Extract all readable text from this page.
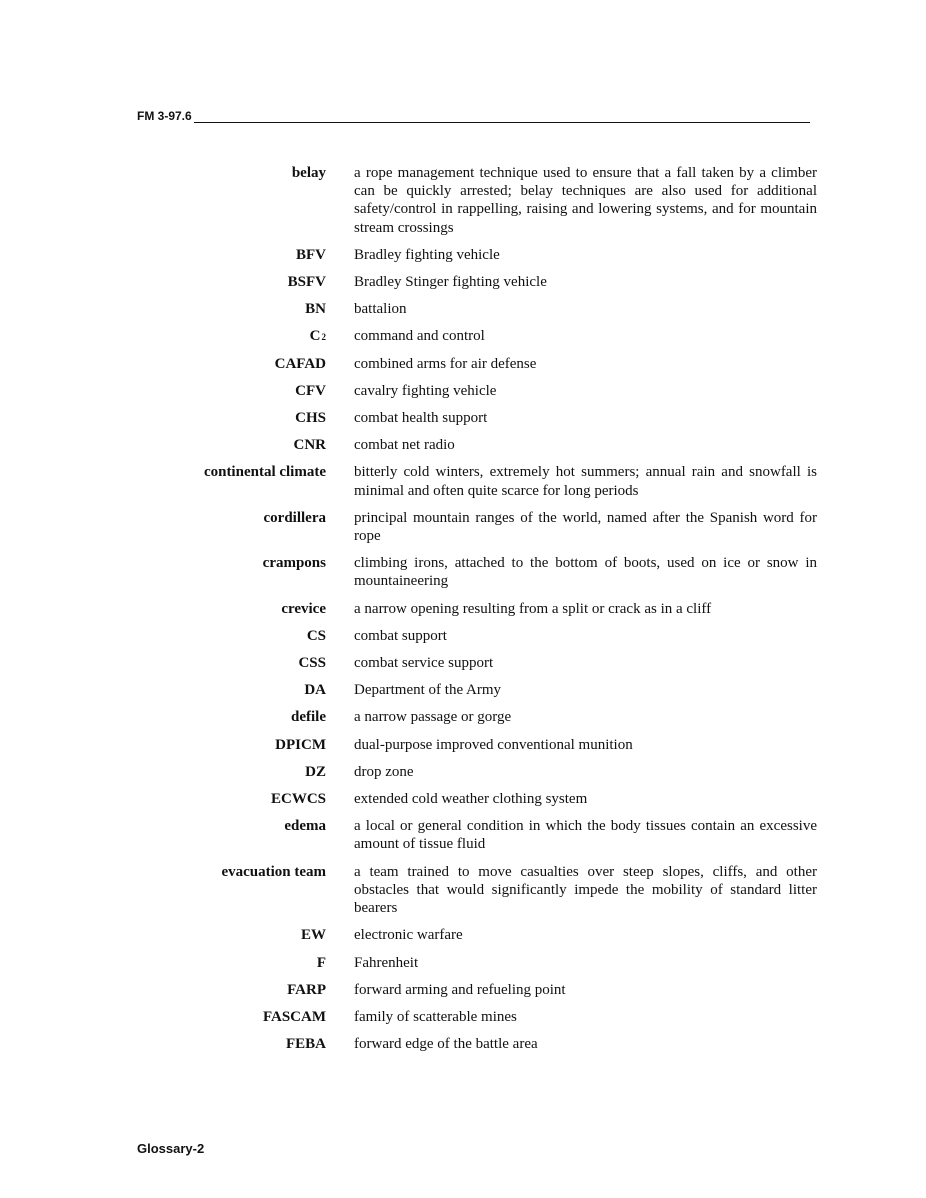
FM 3-97.6
belay a rope management technique used to ensure that a fall taken by a climber can be quickly arrested; belay techniques are also used for additional safety/control in rappelling, raising and lowering systems, and for mountain stream crossings
BFV Bradley fighting vehicle
BSFV Bradley Stinger fighting vehicle
BN battalion
$C^2$ command and control
CAFAD combined arms for air defense
CFV cavalry fighting vehicle
CHS combat health support
CNR combat net radio
continental climate bitterly cold winters, extremely hot summers; annual rain and snowfall is minimal and often quite scarce for long periods
cordillera principal mountain ranges of the world, named after the Spanish word for rope
crampons climbing irons, attached to the bottom of boots, used on ice or snow in mountaineering
crevice a narrow opening resulting from a split or crack as in a cliff
CS combat support
CSS combat service support
DA Department of the Army
defile a narrow passage or gorge
DPICM dual-purpose improved conventional munition
DZ drop zone
ECWCS extended cold weather clothing system
edema a local or general condition in which the body tissues contain an excessive amount of tissue fluid
evacuation team a team trained to move casualties over steep slopes, cliffs, and other obstacles that would significantly impede the mobility of standard litter bearers
EW electronic warfare
F Fahrenheit
FARP forward arming and refueling point
FASCAM family of scatterable mines
FEBA forward edge of the battle area
Glossary-2
